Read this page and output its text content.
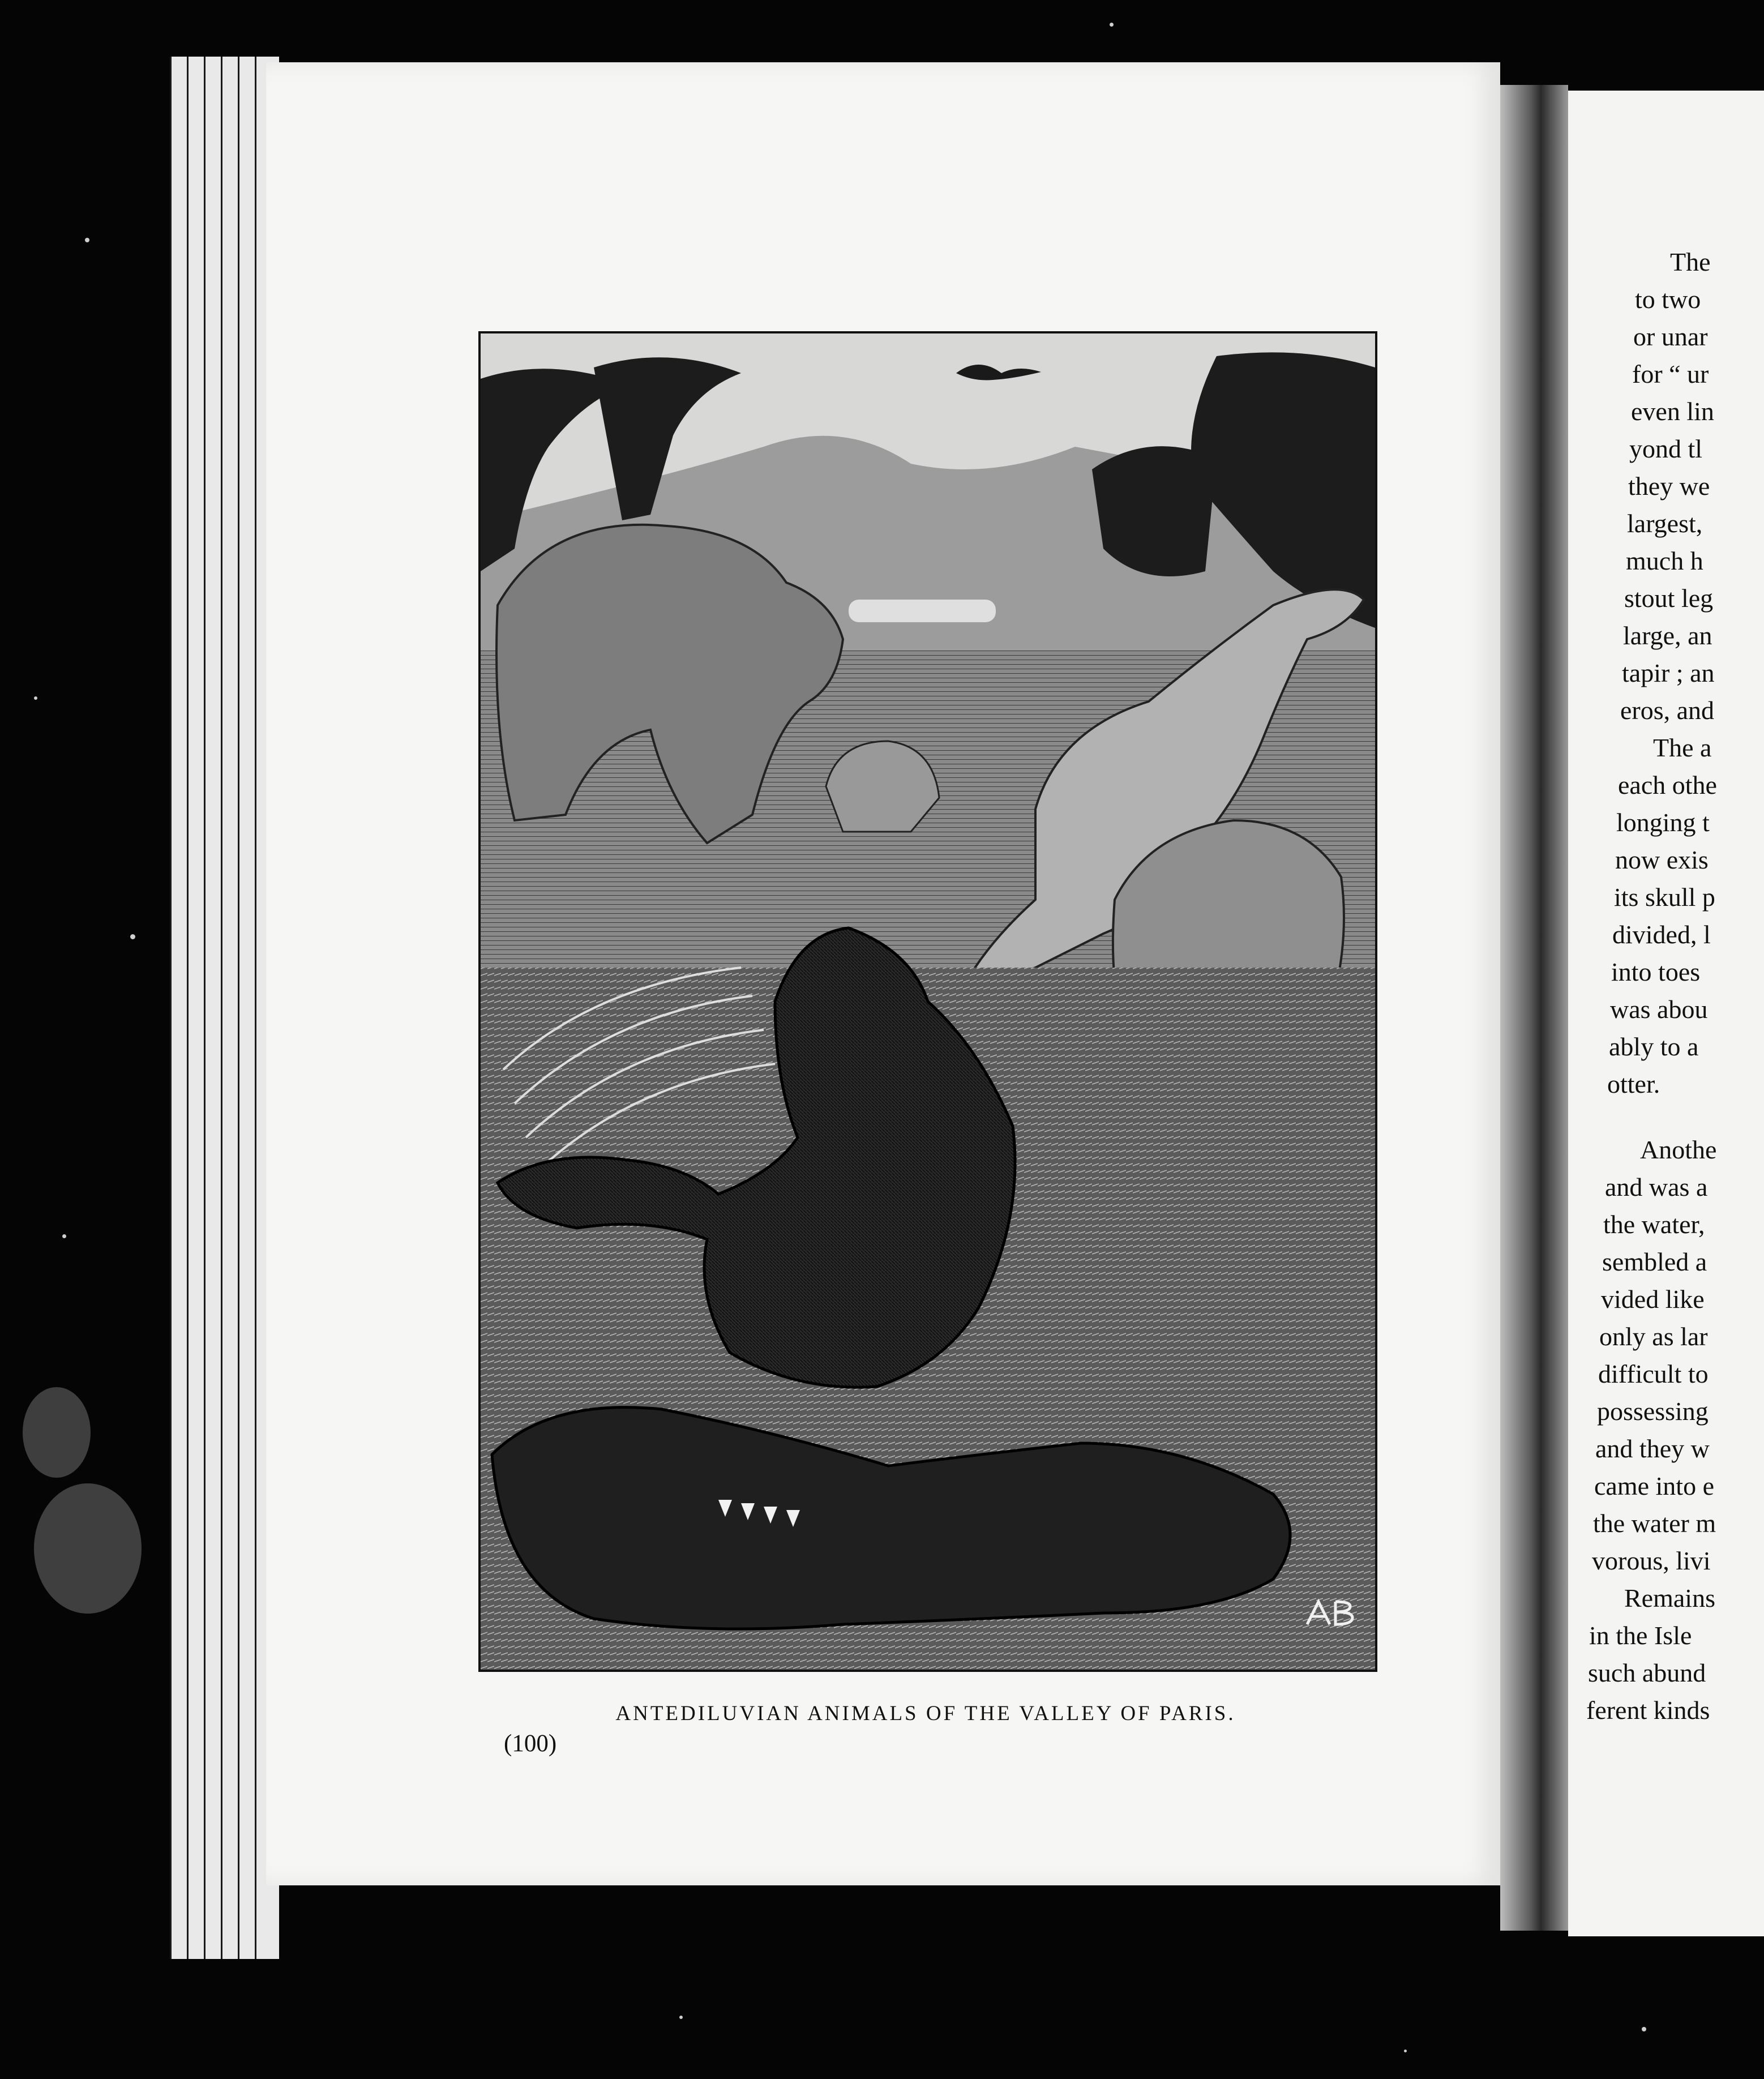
ANTEDILUVIAN ANIMALS OF THE VALLEY OF PARIS.
(100)
The
to two
or unar
for “ ur
even lin
yond tl
they we
largest,
much h
stout leg
large, an
tapir ; an
eros, and
The a
each othe
longing t
now exis
its skull p
divided, l
into toes
was abou
ably to a
otter.
Anothe
and was a
the water,
sembled a
vided like
only as lar
difficult to
possessing
and they w
came into e
the water m
vorous, livi
Remains
in the Isle
such abund
ferent kinds
